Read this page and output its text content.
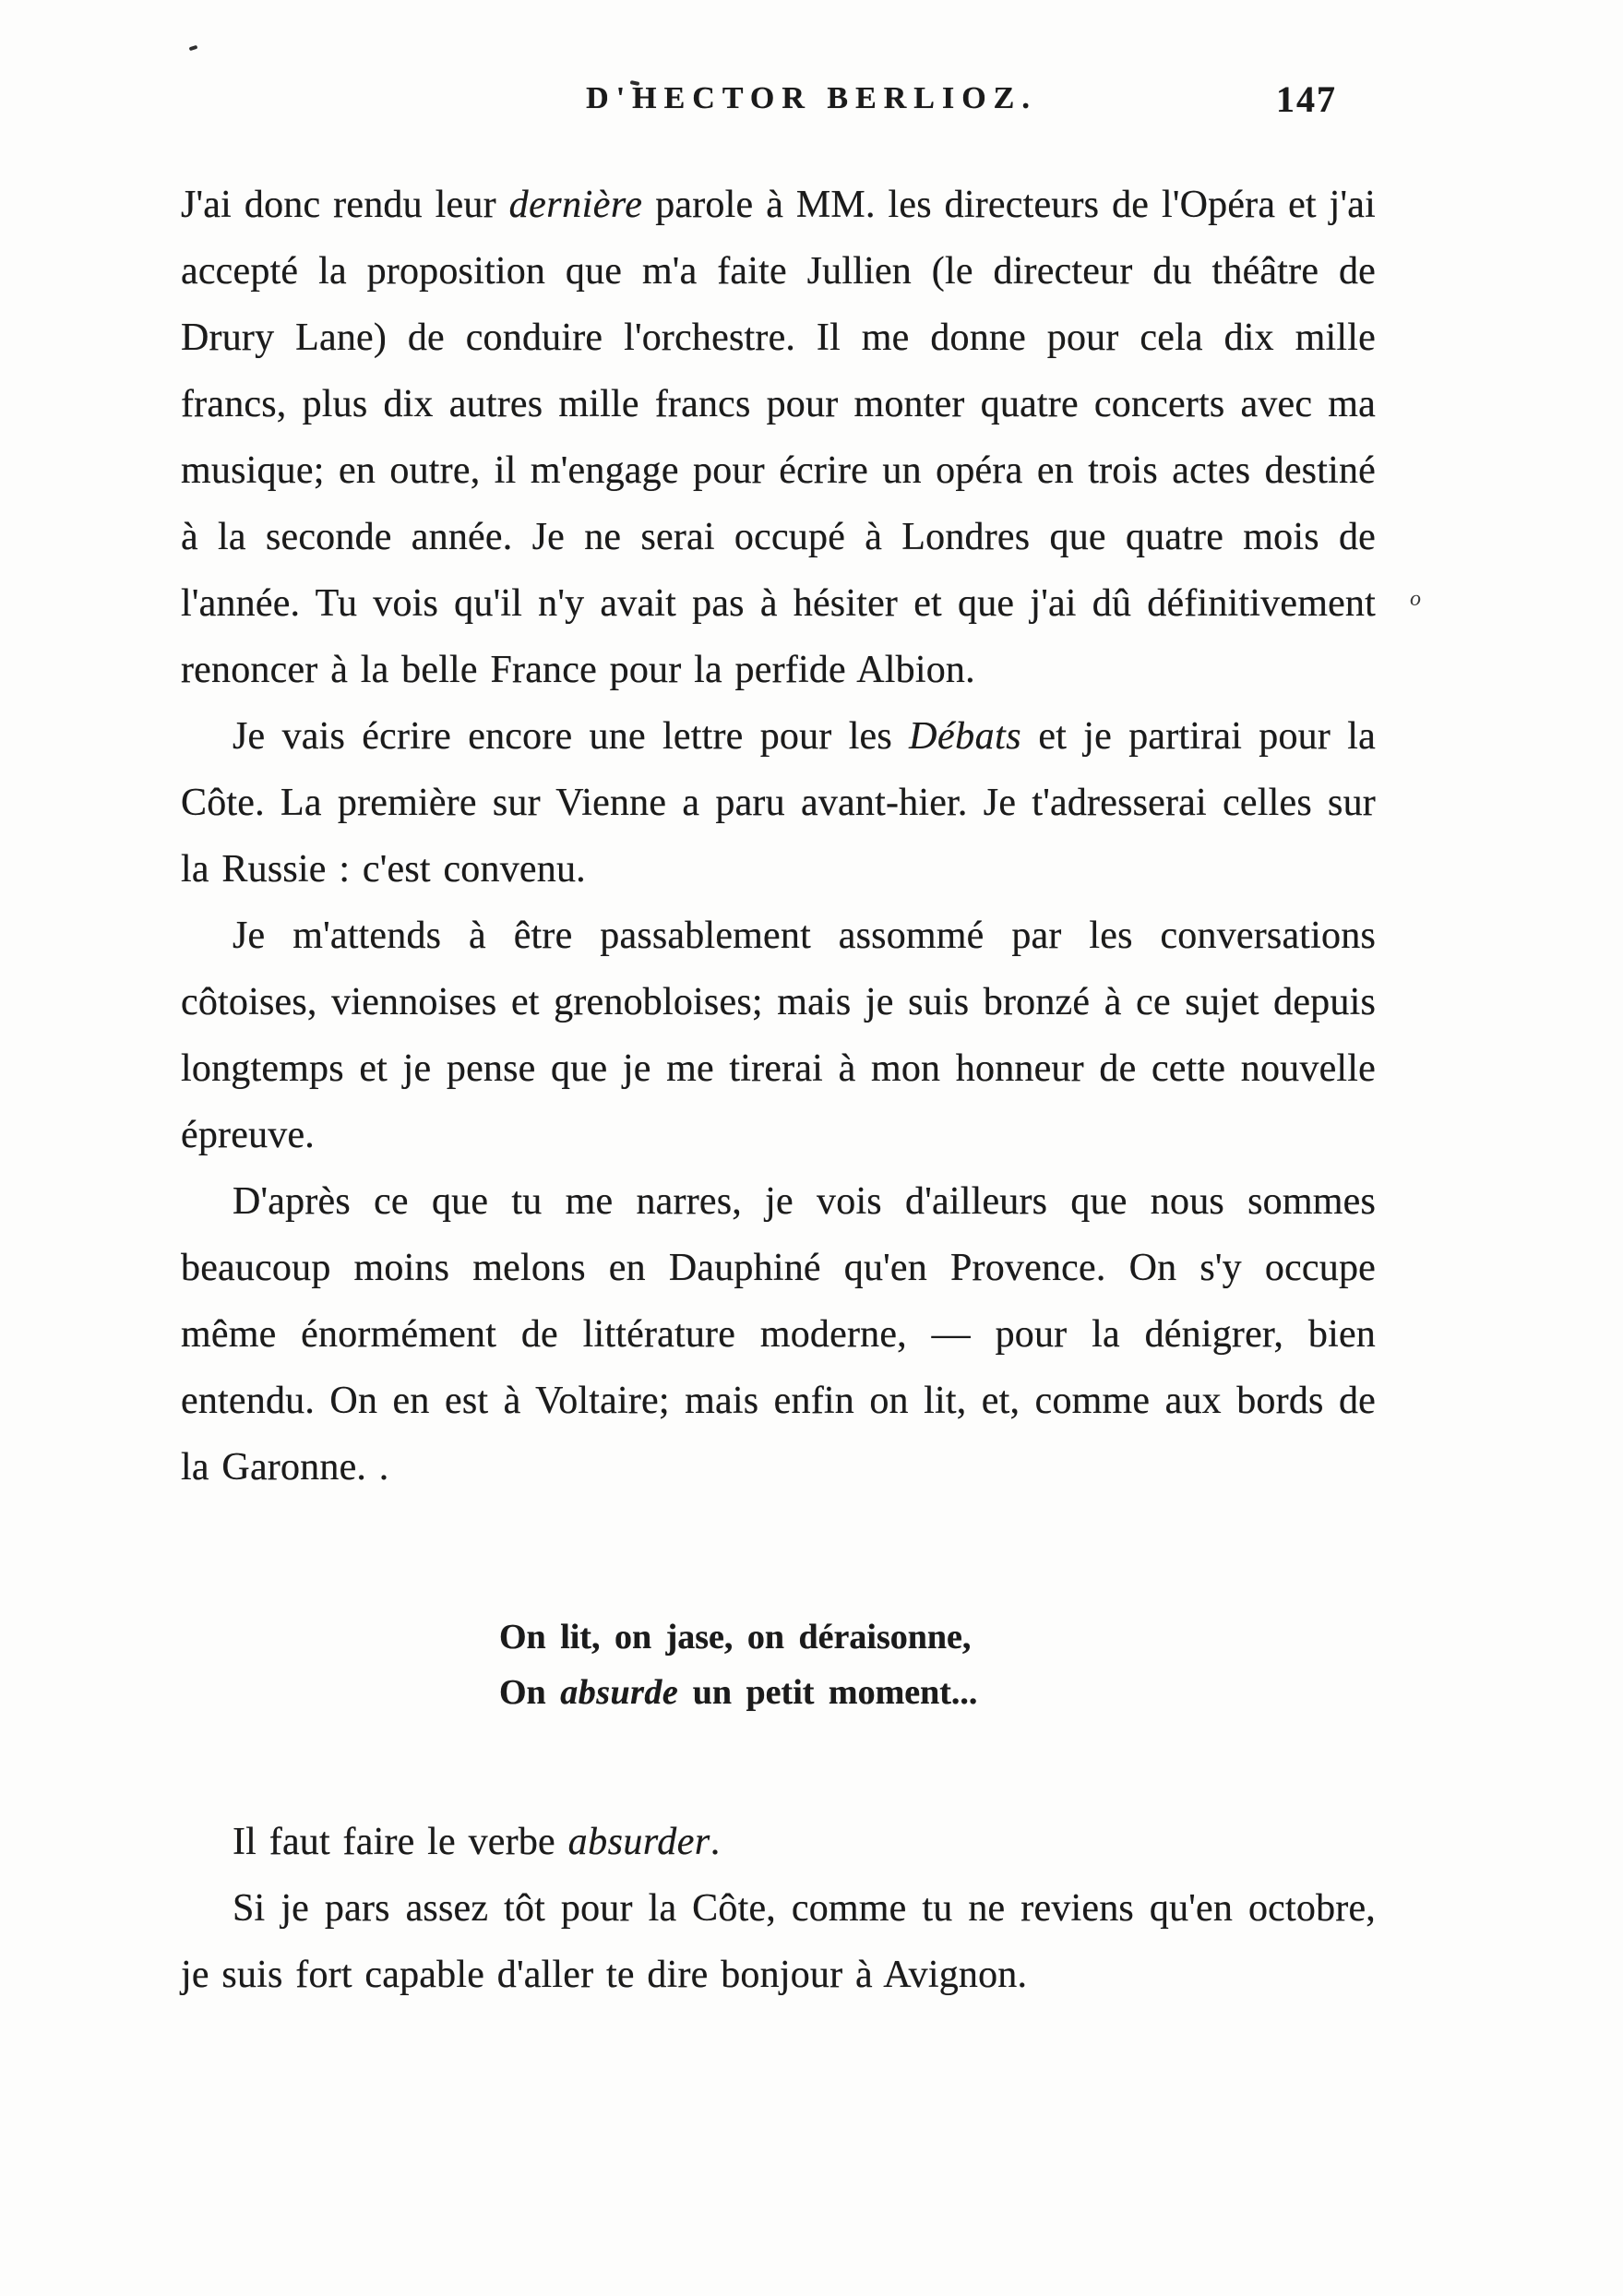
D'HECTOR BERLIOZ.	147
o

J'ai donc rendu leur dernière parole à MM. les directeurs de l'Opéra et j'ai accepté la proposition que m'a faite Jullien (le directeur du théâtre de Drury Lane) de conduire l'orchestre. Il me donne pour cela dix mille francs, plus dix autres mille francs pour monter quatre concerts avec ma musique; en outre, il m'engage pour écrire un opéra en trois actes destiné à la seconde année. Je ne serai occupé à Londres que quatre mois de l'année. Tu vois qu'il n'y avait pas à hésiter et que j'ai dû définitivement renoncer à la belle France pour la perfide Albion.

Je vais écrire encore une lettre pour les Débats et je partirai pour la Côte. La première sur Vienne a paru avant-hier. Je t'adresserai celles sur la Russie : c'est convenu.

Je m'attends à être passablement assommé par les conversations côtoises, viennoises et grenobloises; mais je suis bronzé à ce sujet depuis longtemps et je pense que je me tirerai à mon honneur de cette nouvelle épreuve.

D'après ce que tu me narres, je vois d'ailleurs que nous sommes beaucoup moins melons en Dauphiné qu'en Provence. On s'y occupe même énormément de littérature moderne, — pour la dénigrer, bien entendu. On en est à Voltaire; mais enfin on lit, et, comme aux bords de la Garonne. .

On lit, on jase, on déraisonne,

On absurde un petit moment...

Il faut faire le verbe absurder.

Si je pars assez tôt pour la Côte, comme tu ne reviens qu'en octobre, je suis fort capable d'aller te dire bonjour à Avignon.
